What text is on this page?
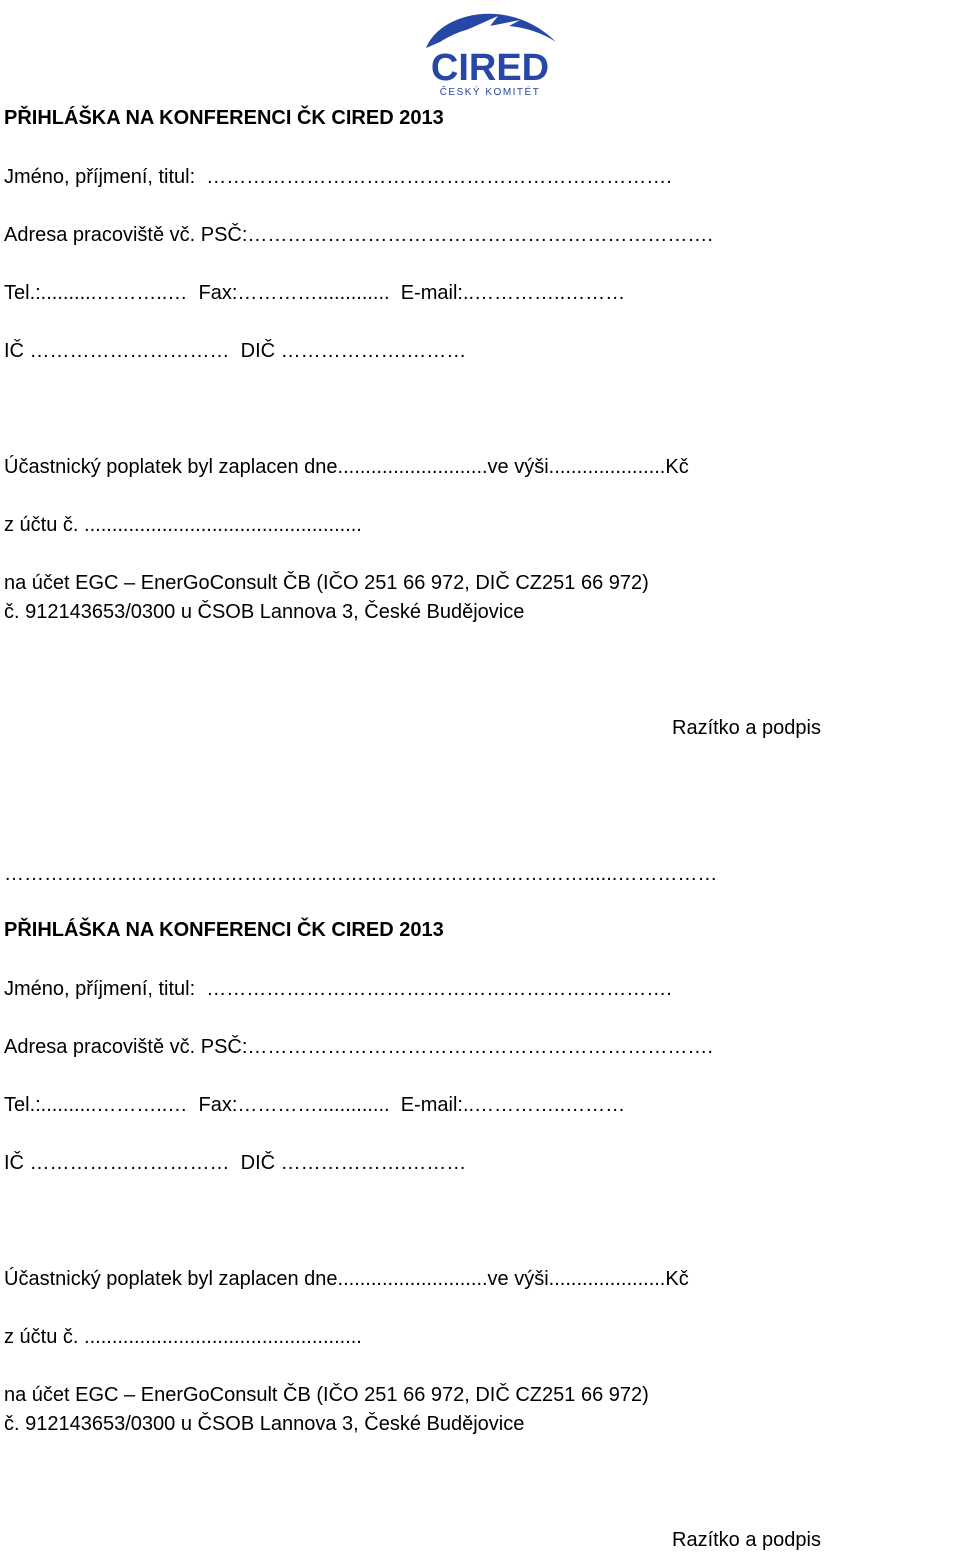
CIRED
ČESKÝ KOMITÉT
PŘIHLÁŠKA NA KONFERENCI ČK CIRED 2013
Jméno, příjmení, titul:  …………………………………………………………….
Adresa pracoviště vč. PSČ:…………………………………………………………….
Tel.:..........………..…  Fax:………….............  E-mail:..…………..………
IČ …………………………  DIČ ……………….………
Účastnický poplatek byl zaplacen dne...........................ve výši.....................Kč
z účtu č. ..................................................
na účet EGC – EnerGoConsult ČB (IČO 251 66 972, DIČ CZ251 66 972)
č. 912143653/0300 u ČSOB Lannova 3, České Budějovice
Razítko a podpis
……………………………………………………………………………......……………
PŘIHLÁŠKA NA KONFERENCI ČK CIRED 2013
Jméno, příjmení, titul:  …………………………………………………………….
Adresa pracoviště vč. PSČ:…………………………………………………………….
Tel.:..........………..…  Fax:………….............  E-mail:..…………..………
IČ …………………………  DIČ ……………….………
Účastnický poplatek byl zaplacen dne...........................ve výši.....................Kč
z účtu č. ..................................................
na účet EGC – EnerGoConsult ČB (IČO 251 66 972, DIČ CZ251 66 972)
č. 912143653/0300 u ČSOB Lannova 3, České Budějovice
Razítko a podpis
